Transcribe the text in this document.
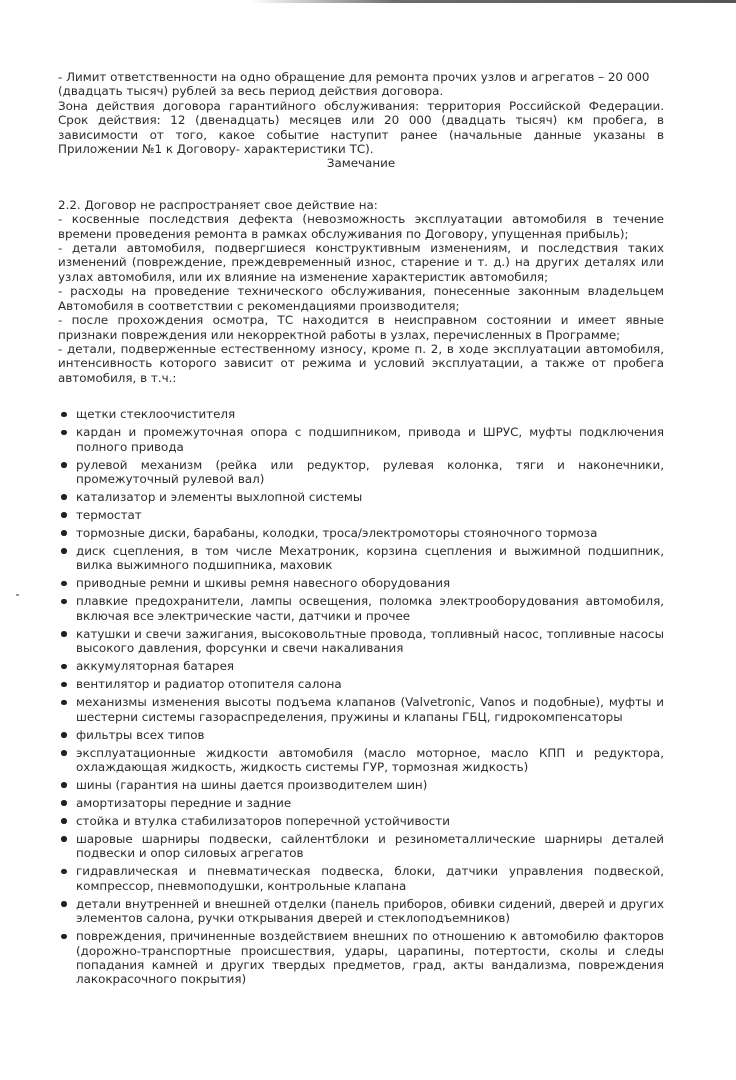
- Лимит ответственности на одно обращение для ремонта прочих узлов и агрегатов – 20 000 (двадцать тысяч) рублей за весь период действия договора.

Зона действия договора гарантийного обслуживания: территория Российской Федерации. Срок действия: 12 (двенадцать) месяцев или 20 000 (двадцать тысяч) км пробега, в зависимости от того, какое событие наступит ранее (начальные данные указаны в Приложении №1 к Договору- характеристики ТС).

Замечание

2.2. Договор не распространяет свое действие на:

- косвенные последствия дефекта (невозможность эксплуатации автомобиля в течение времени проведения ремонта в рамках обслуживания по Договору, упущенная прибыль);

- детали автомобиля, подвергшиеся конструктивным изменениям, и последствия таких изменений (повреждение, преждевременный износ, старение и т. д.) на других деталях или узлах автомобиля, или их влияние на изменение характеристик автомобиля;

- расходы на проведение технического обслуживания, понесенные законным владельцем Автомобиля в соответствии с рекомендациями производителя;

- после прохождения осмотра, ТС находится в неисправном состоянии и имеет явные признаки повреждения или некорректной работы в узлах, перечисленных в Программе;

- детали, подверженные естественному износу, кроме п. 2, в ходе эксплуатации автомобиля, интенсивность которого зависит от режима и условий эксплуатации, а также от пробега автомобиля, в т.ч.:

щетки стеклоочистителя
кардан и промежуточная опора с подшипником, привода и ШРУС, муфты подключения полного привода
рулевой механизм (рейка или редуктор, рулевая колонка, тяги и наконечники, промежуточный рулевой вал)
катализатор и элементы выхлопной системы
термостат
тормозные диски, барабаны, колодки, троса/электромоторы стояночного тормоза
диск сцепления, в том числе Мехатроник, корзина сцепления и выжимной подшипник, вилка выжимного подшипника, маховик
приводные ремни и шкивы ремня навесного оборудования
плавкие предохранители, лампы освещения, поломка электрооборудования автомобиля, включая все электрические части, датчики и прочее
катушки и свечи зажигания, высоковольтные провода, топливный насос, топливные насосы высокого давления, форсунки и свечи накаливания
аккумуляторная батарея
вентилятор и радиатор отопителя салона
механизмы изменения высоты подъема клапанов (Valvetronic, Vanos и подобные), муфты и шестерни системы газораспределения, пружины и клапаны ГБЦ, гидрокомпенсаторы
фильтры всех типов
эксплуатационные жидкости автомобиля (масло моторное, масло КПП и редуктора, охлаждающая жидкость, жидкость системы ГУР, тормозная жидкость)
шины (гарантия на шины дается производителем шин)
амортизаторы передние и задние
стойка и втулка стабилизаторов поперечной устойчивости
шаровые шарниры подвески, сайлентблоки и резинометаллические шарниры деталей подвески и опор силовых агрегатов
гидравлическая и пневматическая подвеска, блоки, датчики управления подвеской, компрессор, пневмоподушки, контрольные клапана
детали внутренней и внешней отделки (панель приборов, обивки сидений, дверей и других элементов салона, ручки открывания дверей и стеклоподъемников)
повреждения, причиненные воздействием внешних по отношению к автомобилю факторов (дорожно-транспортные происшествия, удары, царапины, потертости, сколы и следы попадания камней и других твердых предметов, град, акты вандализма, повреждения лакокрасочного покрытия)
